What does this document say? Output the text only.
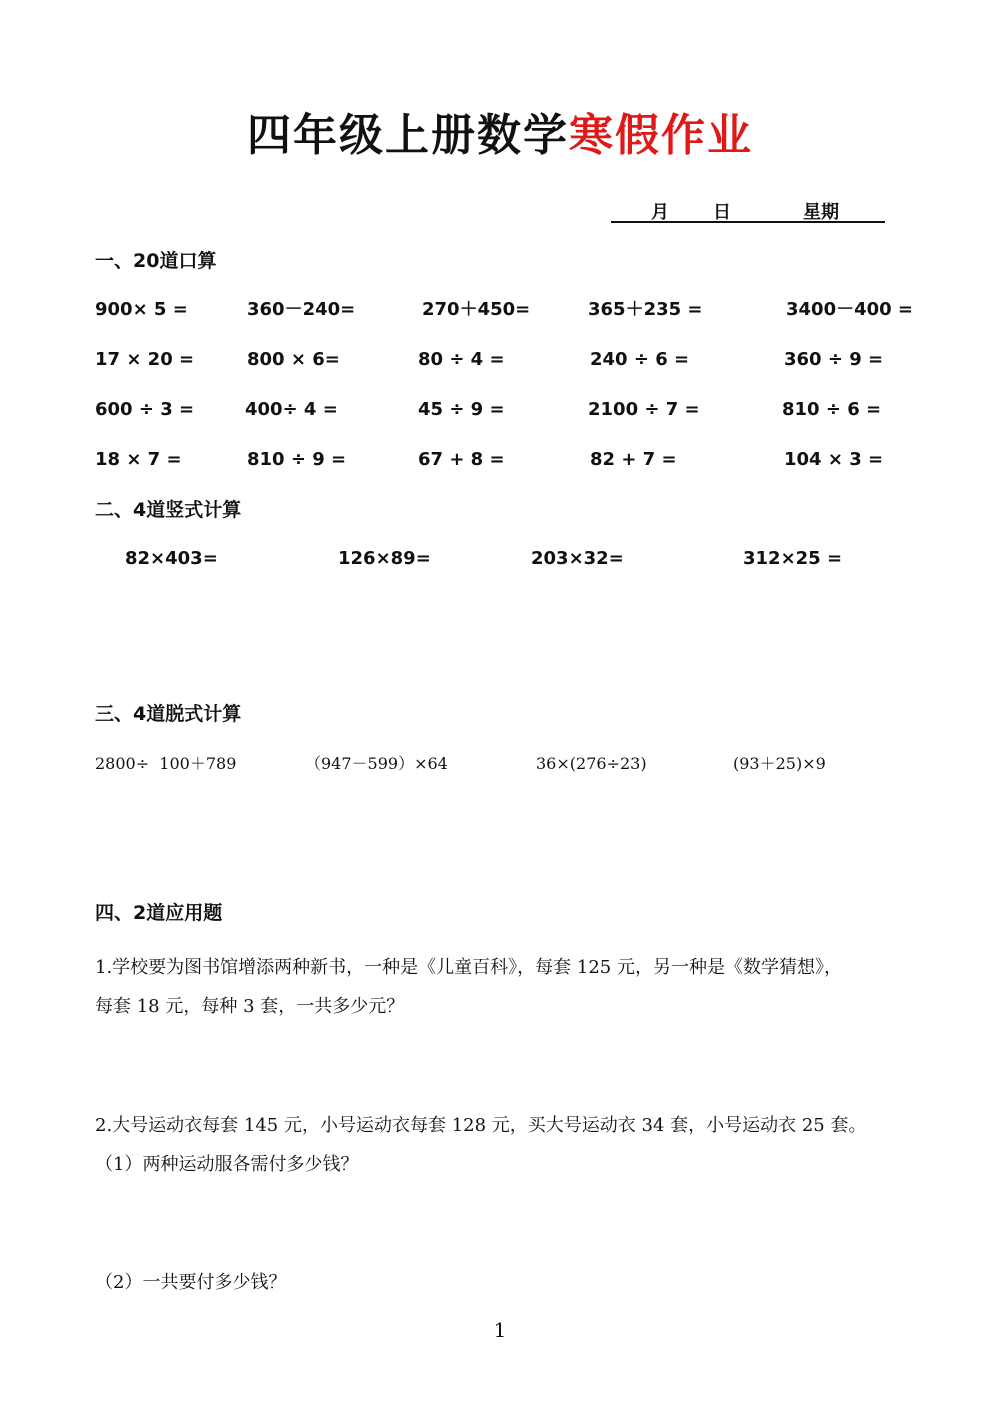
四年级上册数学寒假作业
月 日	星期
一、20道口算
900× 5 =	360－240=	270＋450=	365＋235 =	3400－400 =
17 × 20 =	800 × 6=	80 ÷ 4 =	240 ÷ 6 =	360 ÷ 9 =
600 ÷ 3 =	400÷ 4 =	45 ÷ 9 =	2100 ÷ 7 =	810 ÷ 6 =
18 × 7 =	810 ÷ 9 =	67 + 8 =	82 + 7 =	104 × 3 =
二、4道竖式计算
82×403=	126×89=	203×32=	312×25 =
三、4道脱式计算
2800÷  100＋789	（947－599）×64	36×(276÷23)	(93＋25)×9
四、2道应用题
1.学校要为图书馆增添两种新书，一种是《儿童百科》，每套 125 元，另一种是《数学猜想》，
每套 18 元，每种 3 套，一共多少元？
2.大号运动衣每套 145 元，小号运动衣每套 128 元，买大号运动衣 34 套，小号运动衣 25 套。
（1）两种运动服各需付多少钱？
（2）一共要付多少钱？
1
